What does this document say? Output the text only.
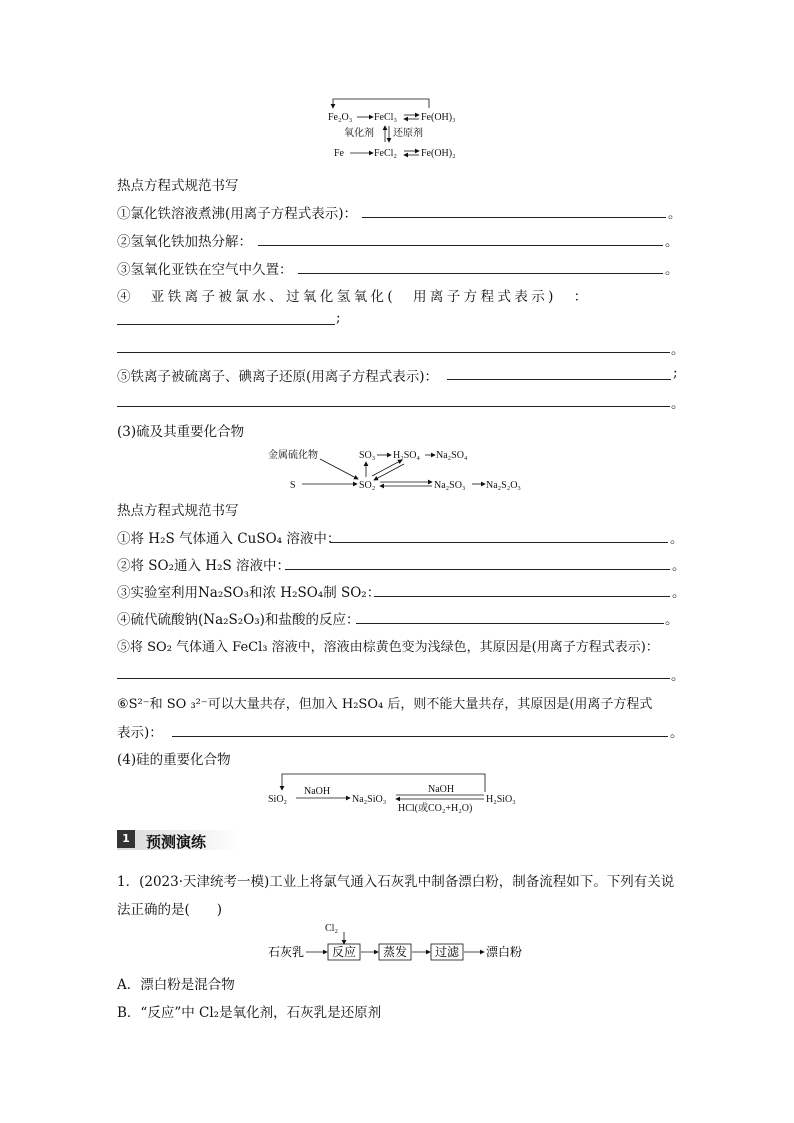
Fe₂O₃ FeCl₃ Fe(OH)₃
氧化剂 还原剂
Fe	FeCl₂ Fe(OH)₂
热点方程式规范书写
①氯化铁溶液煮沸(用离子方程式表示)：	。
②氢氧化铁加热分解：	。
③氢氧化亚铁在空气中久置：	。
④　亚铁离子被氯水、过氧化氢氧化(　用离子方程式表示)　：
;
。
⑤铁离子被硫离子、碘离子还原(用离子方程式表示)：	;
。
(3)硫及其重要化合物
金属硫化物
S
SO₃ H₂SO₄ Na₂SO₄
SO₂	Na₂SO₃ Na₂S₂O₃
热点方程式规范书写
①将 H₂S 气体通入 CuSO₄ 溶液中：	。
②将 SO₂通入 H₂S 溶液中：	。
③实验室利用Na₂SO₃和浓 H₂SO₄制 SO₂：	。
④硫代硫酸钠(Na₂S₂O₃)和盐酸的反应：	。
⑤将 SO₂ 气体通入 FeCl₃ 溶液中，溶液由棕黄色变为浅绿色，其原因是(用离子方程式表示)：
。
⑥S²⁻和 SO ₃²⁻可以大量共存，但加入 H₂SO₄ 后，则不能大量共存，其原因是(用离子方程式
表示)：	。
(4)硅的重要化合物
SiO₂
NaOH
Na₂SiO₃
NaOH
HCl(或CO₂+H₂O)
H₂SiO₃
1	预测演练
1．(2023·天津统考一模)工业上将氯气通入石灰乳中制备漂白粉，制备流程如下。下列有关说
法正确的是(　　)
Cl₂
石灰乳 反应 蒸发 过滤 漂白粉
A．漂白粉是混合物
B．“反应”中 Cl₂是氧化剂，石灰乳是还原剂
